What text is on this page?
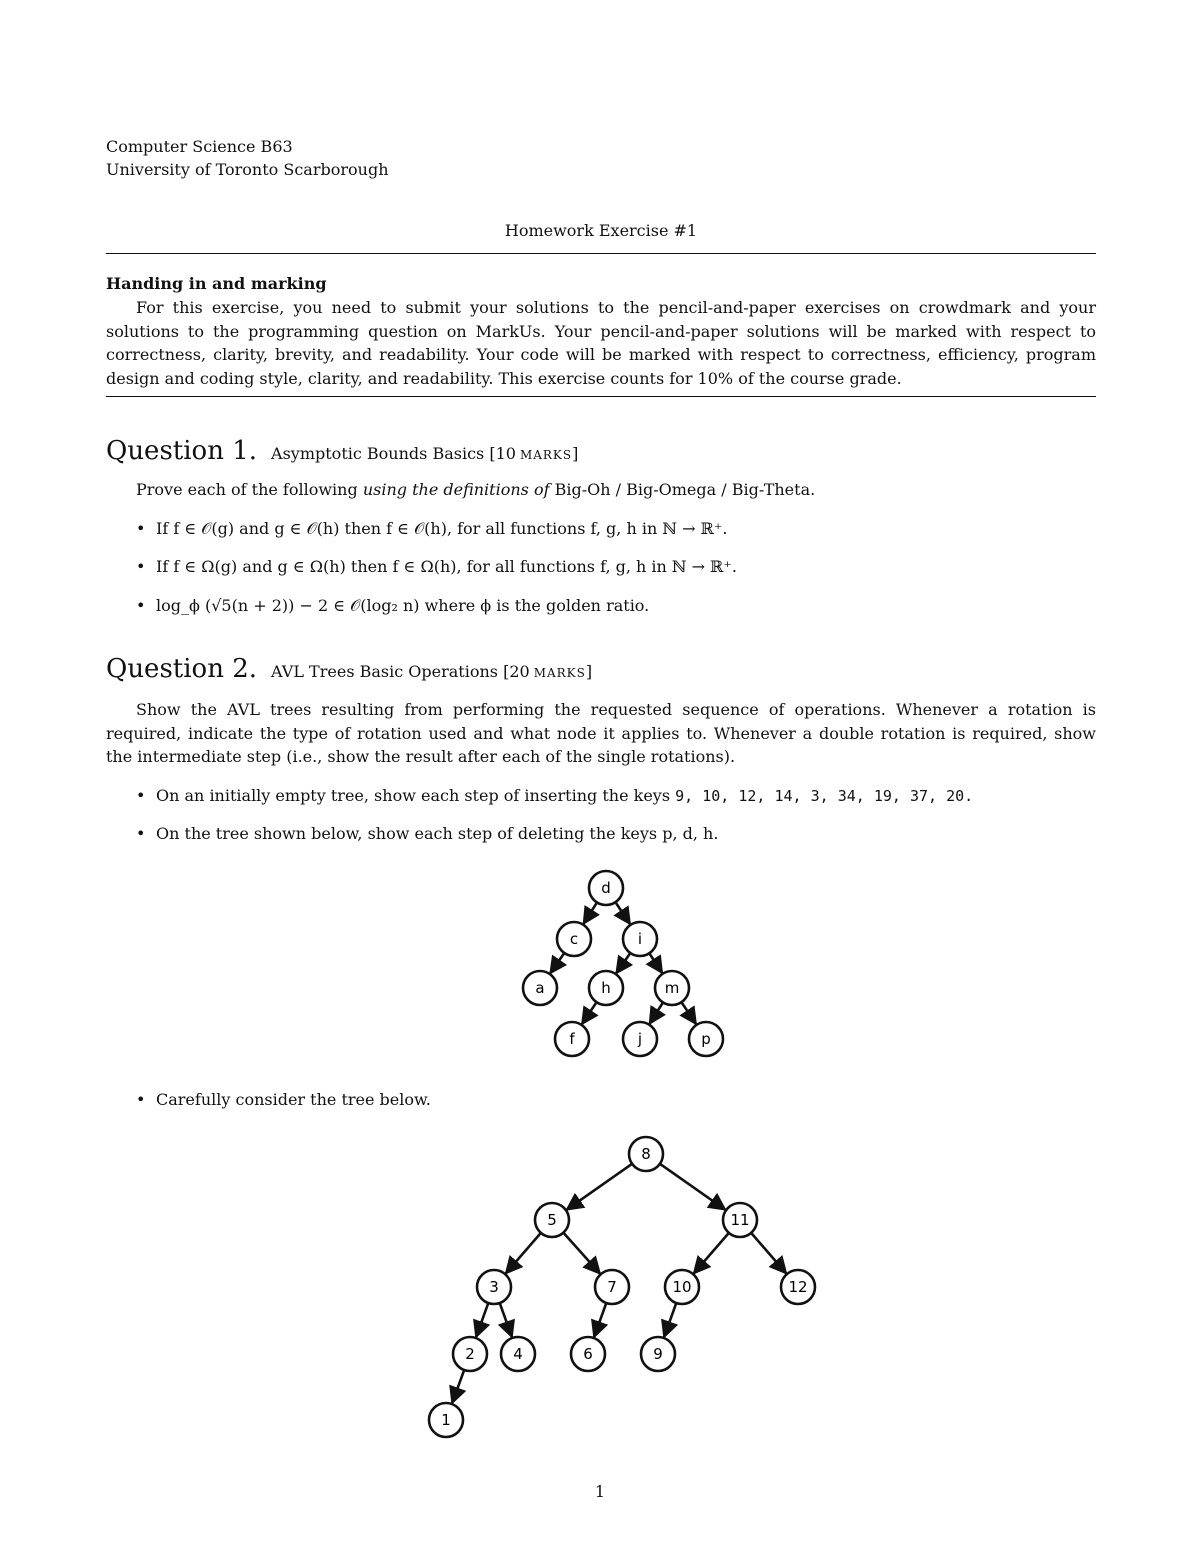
Computer Science B63
University of Toronto Scarborough
Homework Exercise #1
Handing in and marking
For this exercise, you need to submit your solutions to the pencil-and-paper exercises on crowdmark and your solutions to the programming question on MarkUs. Your pencil-and-paper solutions will be marked with respect to correctness, clarity, brevity, and readability. Your code will be marked with respect to correctness, efficiency, program design and coding style, clarity, and readability. This exercise counts for 10% of the course grade.
Question 1. Asymptotic Bounds Basics [10 MARKS]
Prove each of the following using the definitions of Big-Oh / Big-Omega / Big-Theta.
• If f ∈ 𝒪(g) and g ∈ 𝒪(h) then f ∈ 𝒪(h), for all functions f, g, h in ℕ → ℝ⁺.
• If f ∈ Ω(g) and g ∈ Ω(h) then f ∈ Ω(h), for all functions f, g, h in ℕ → ℝ⁺.
• log_ϕ (√5(n + 2)) − 2 ∈ 𝒪(log₂ n) where ϕ is the golden ratio.
Question 2. AVL Trees Basic Operations [20 MARKS]
Show the AVL trees resulting from performing the requested sequence of operations. Whenever a rotation is required, indicate the type of rotation used and what node it applies to. Whenever a double rotation is required, show the intermediate step (i.e., show the result after each of the single rotations).
• On an initially empty tree, show each step of inserting the keys 9, 10, 12, 14, 3, 34, 19, 37, 20.
• On the tree shown below, show each step of deleting the keys p, d, h.
d
c	i
a	h	m
f	j	p
8
5	11
3	7	10	12
2	4	6	9
1
• Carefully consider the tree below.
1
